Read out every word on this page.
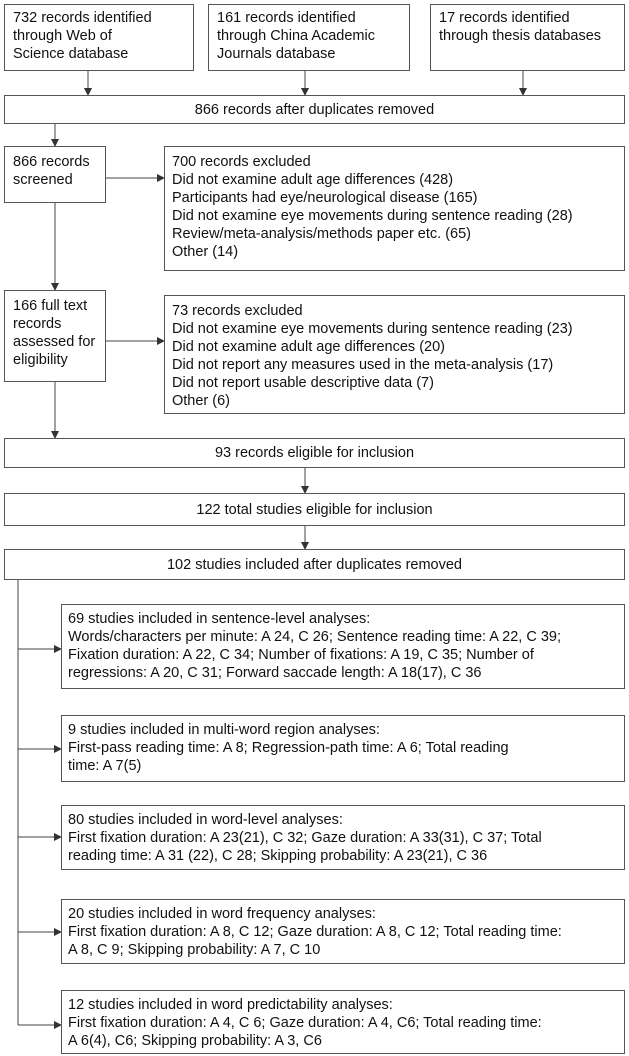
732 records identified
through Web of
Science database
161 records identified
through China Academic
Journals database
17 records identified
through thesis databases
866 records after duplicates removed
866 records
screened
700 records excluded
Did not examine adult age differences (428)
Participants had eye/neurological disease (165)
Did not examine eye movements during sentence reading (28)
Review/meta-analysis/methods paper etc. (65)
Other (14)
166 full text
records
assessed for
eligibility
73 records excluded
Did not examine eye movements during sentence reading (23)
Did not examine adult age differences (20)
Did not report any measures used in the meta-analysis (17)
Did not report usable descriptive data (7)
Other (6)
93 records eligible for inclusion
122 total studies eligible for inclusion
102 studies included after duplicates removed
69 studies included in sentence-level analyses:
Words/characters per minute: A 24, C 26; Sentence reading time: A 22, C 39;
Fixation duration: A 22, C 34; Number of fixations: A 19, C 35; Number of
regressions: A 20, C 31; Forward saccade length: A 18(17), C 36
9 studies included in multi-word region analyses:
First-pass reading time: A 8; Regression-path time: A 6; Total reading
time: A 7(5)
80 studies included in word-level analyses:
First fixation duration: A 23(21), C 32; Gaze duration: A 33(31), C 37; Total
reading time: A 31 (22), C 28; Skipping probability: A 23(21), C 36
20 studies included in word frequency analyses:
First fixation duration: A 8, C 12; Gaze duration: A 8, C 12; Total reading time:
A 8, C 9; Skipping probability: A 7, C 10
12 studies included in word predictability analyses:
First fixation duration: A 4, C 6; Gaze duration: A 4, C6; Total reading time:
A 6(4), C6; Skipping probability: A 3, C6
